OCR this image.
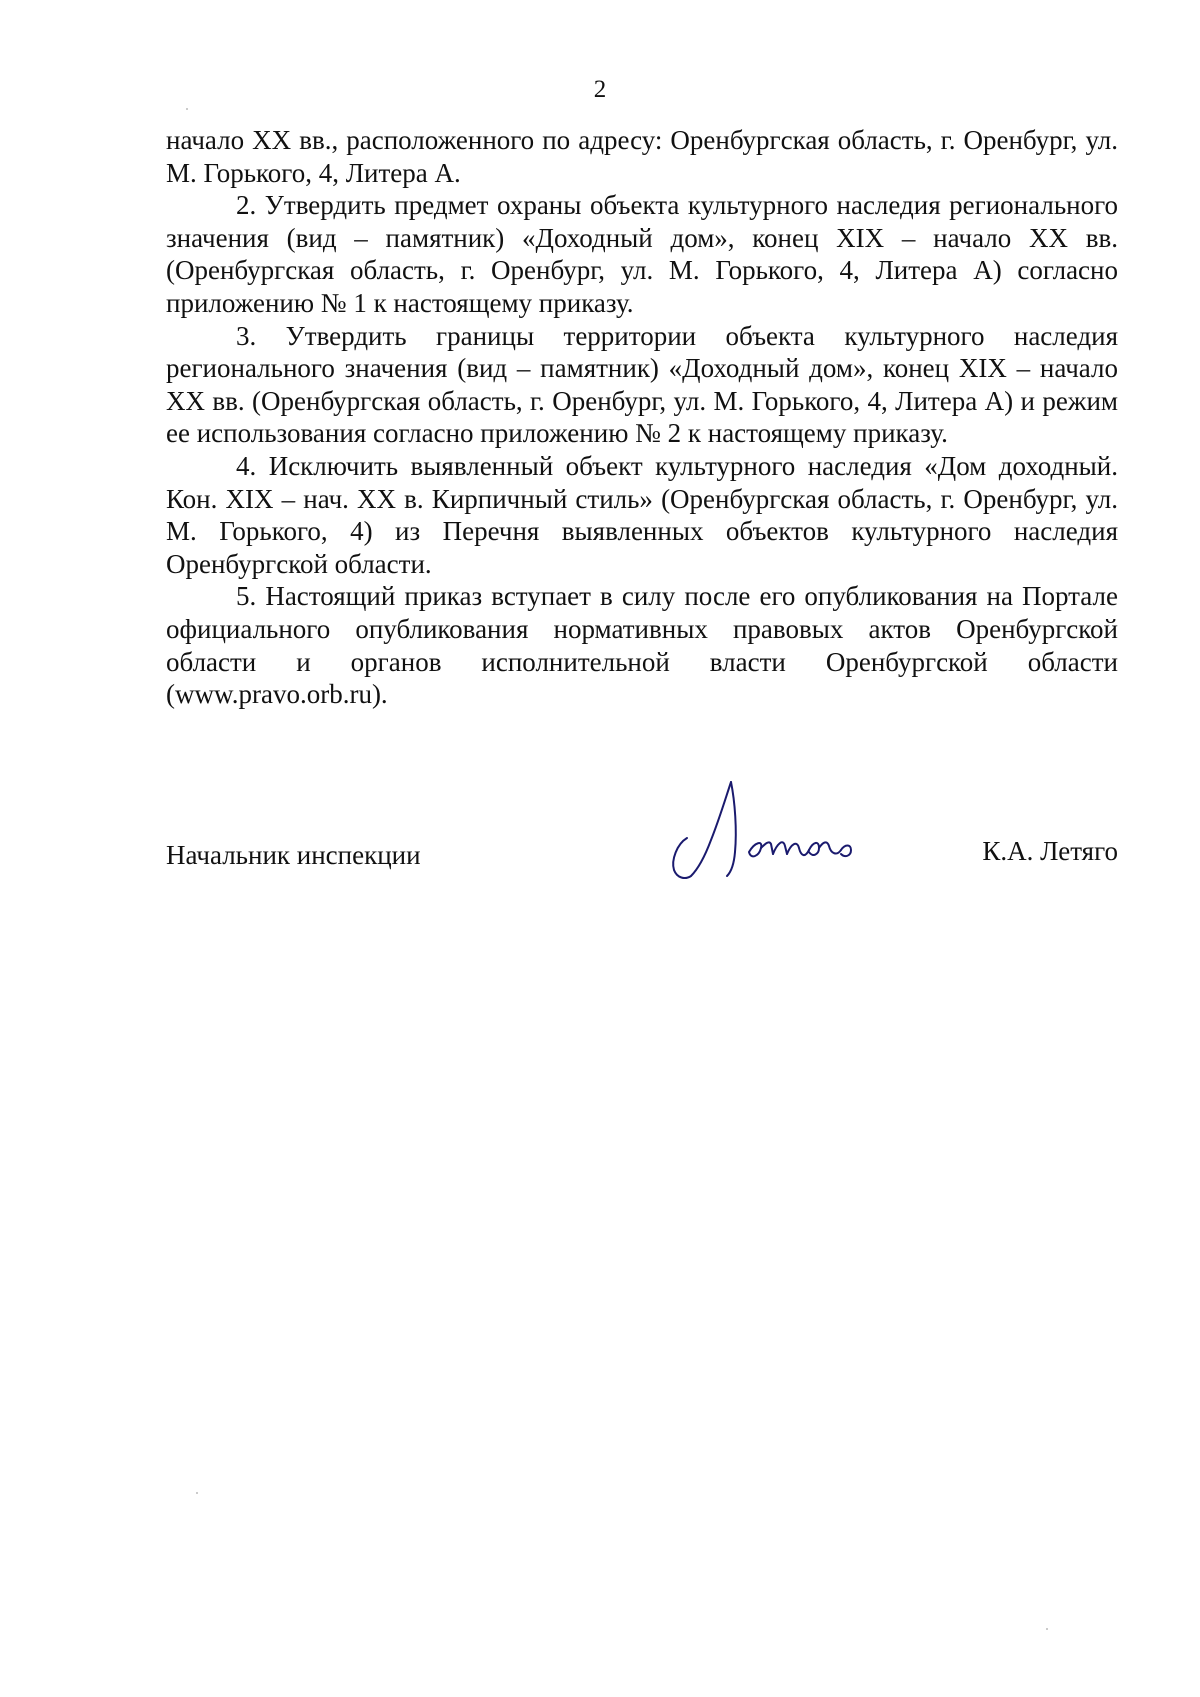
2

начало XX вв., расположенного по адресу: Оренбургская область, г. Оренбург, ул. М. Горького, 4, Литера А.

2. Утвердить предмет охраны объекта культурного наследия регионального значения (вид – памятник) «Доходный дом», конец XIX – начало XX вв. (Оренбургская область, г. Оренбург, ул. М. Горького, 4, Литера А) согласно приложению № 1 к настоящему приказу.

3. Утвердить границы территории объекта культурного наследия регионального значения (вид – памятник) «Доходный дом», конец XIX – начало XX вв. (Оренбургская область, г. Оренбург, ул. М. Горького, 4, Литера А) и режим ее использования согласно приложению № 2 к настоящему приказу.

4. Исключить выявленный объект культурного наследия «Дом доходный. Кон. XIX – нач. XX в. Кирпичный стиль» (Оренбургская область, г. Оренбург, ул. М. Горького, 4) из Перечня выявленных объектов культурного наследия Оренбургской области.

5. Настоящий приказ вступает в силу после его опубликования на Портале официального опубликования нормативных правовых актов Оренбургской области и органов исполнительной власти Оренбургской области (www.pravo.orb.ru).

Начальник инспекции	К.А. Летяго
